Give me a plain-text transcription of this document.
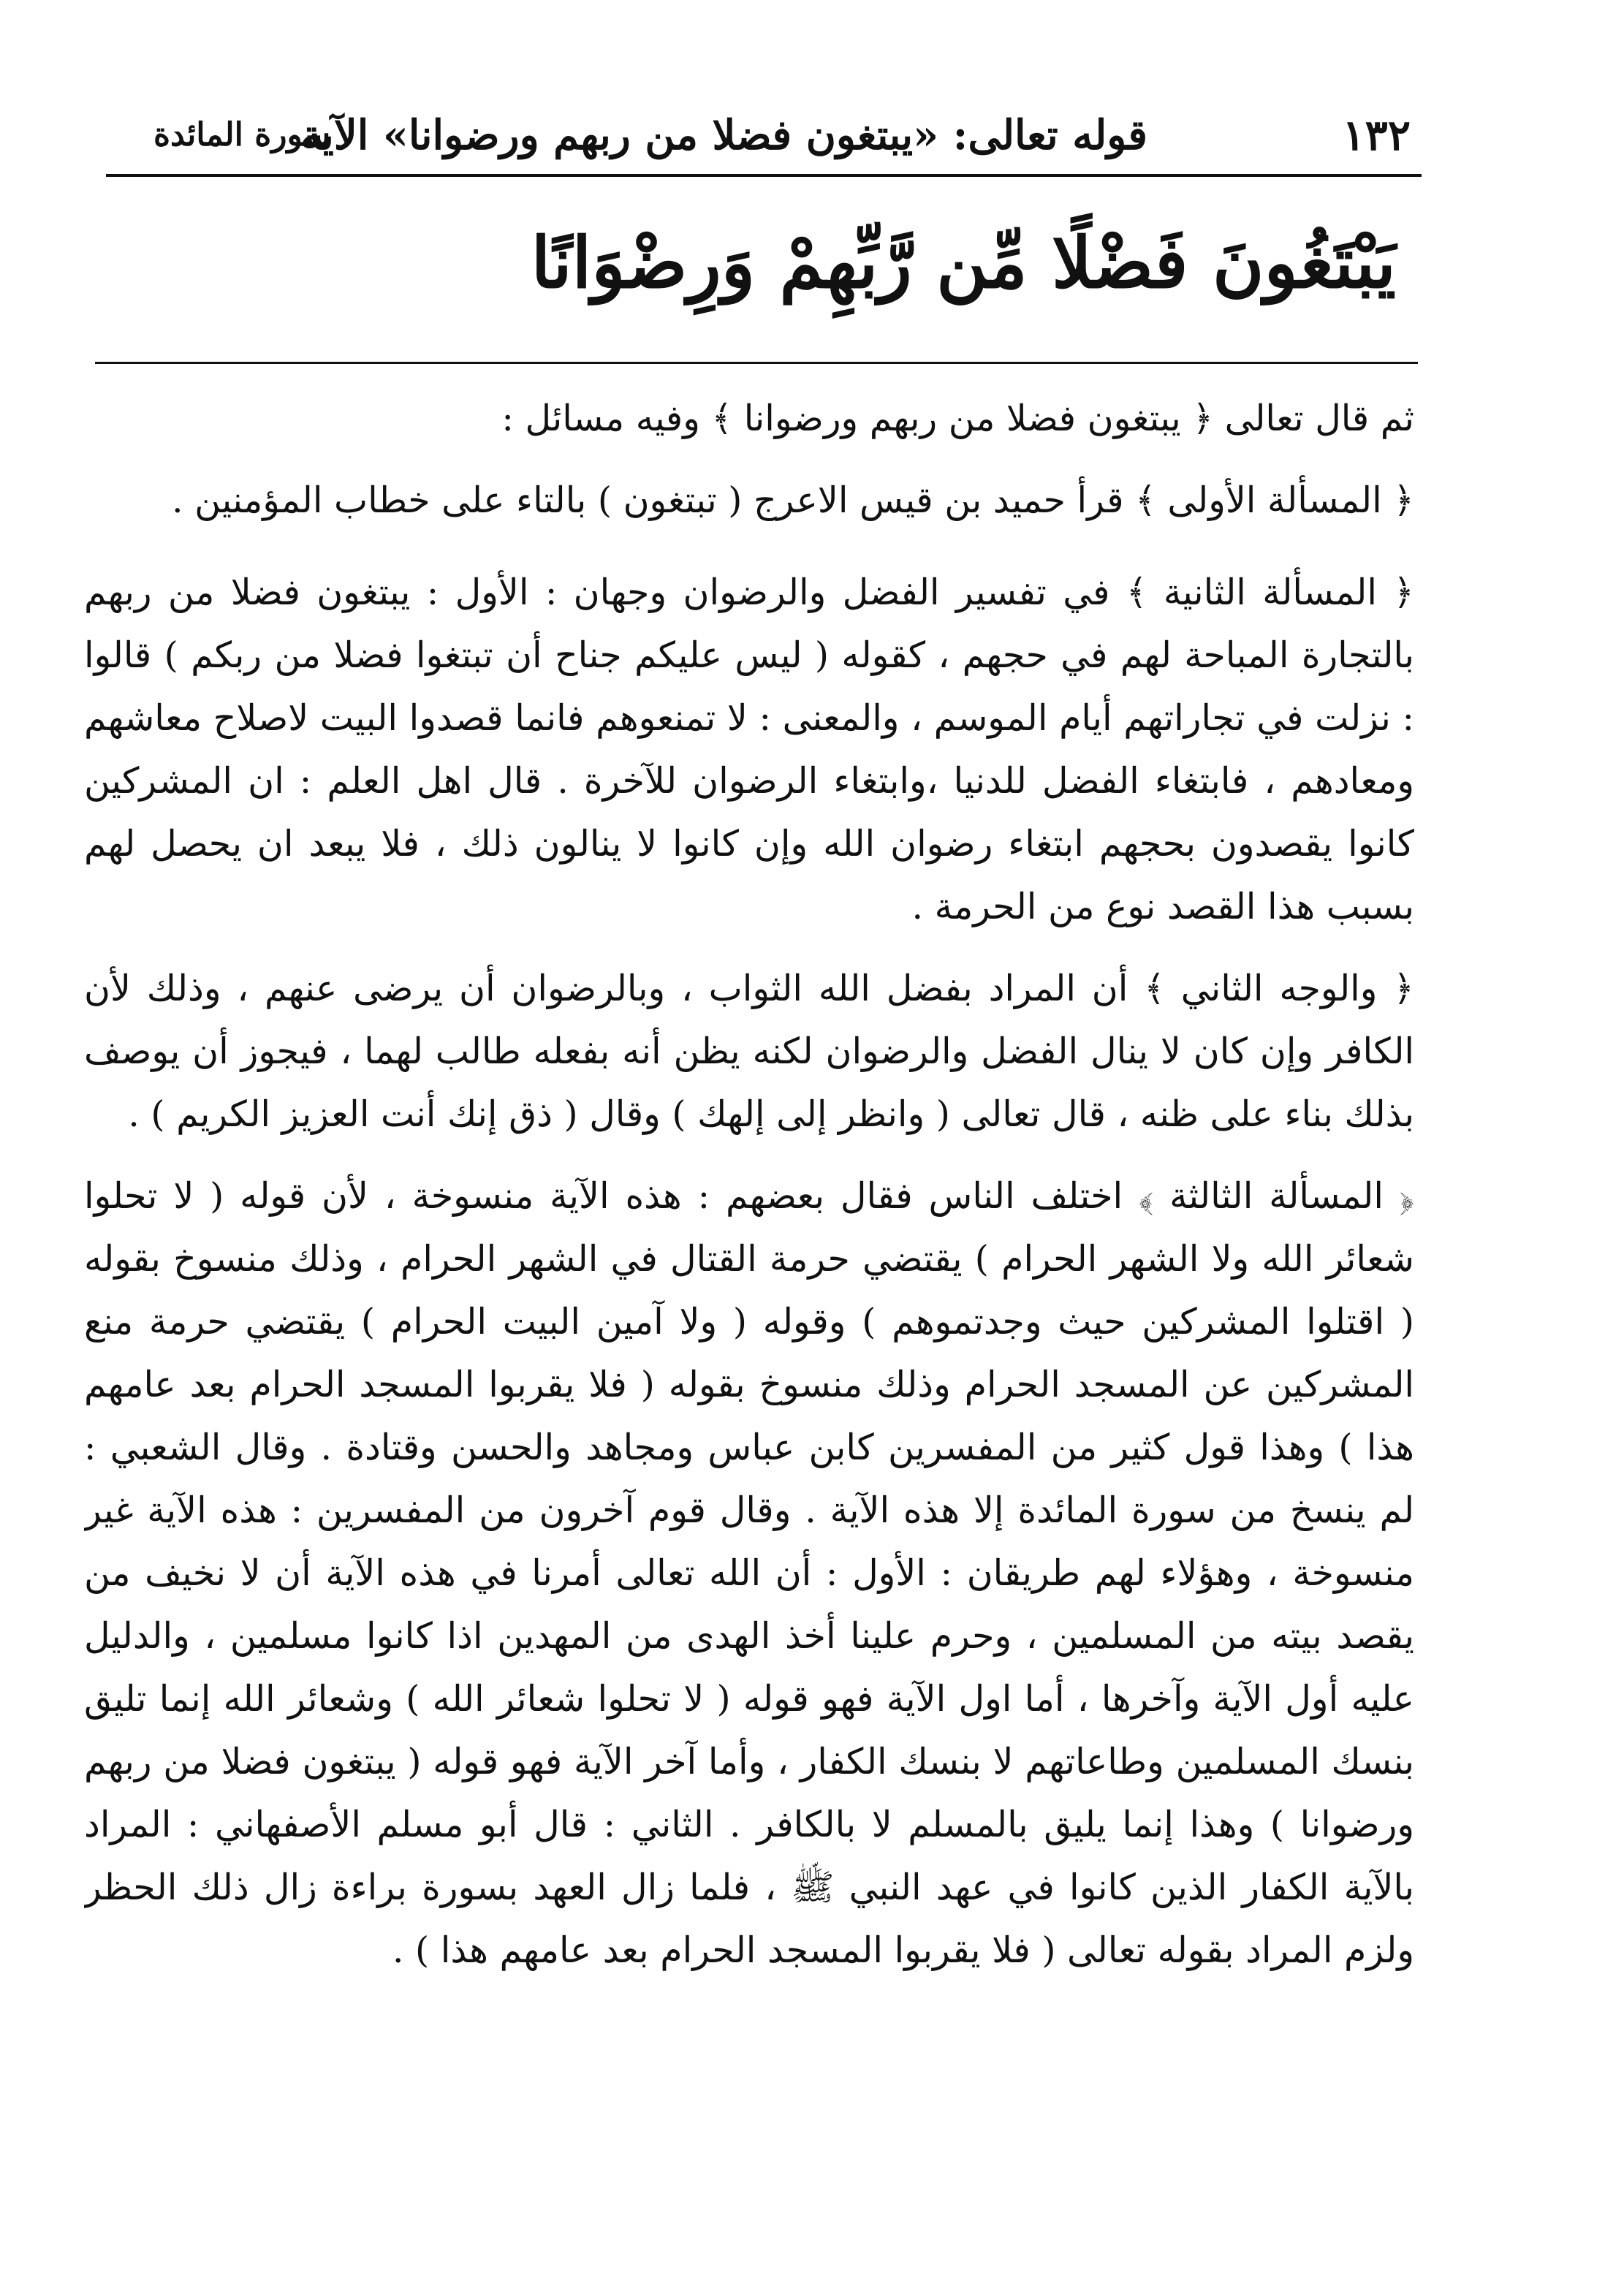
١٣٢
قوله تعالى: «يبتغون فضلا من ربهم ورضوانا» الآية
سورة المائدة
يَبْتَغُونَ فَضْلًا مِّن رَّبِّهِمْ وَرِضْوَانًا

ثم قال تعالى ﴿ يبتغون فضلا من ربهم ورضوانا ﴾ وفيه مسائل :

﴿ المسألة الأولى ﴾ قرأ حميد بن قيس الاعرج ( تبتغون ) بالتاء على خطاب المؤمنين .

﴿ المسألة الثانية ﴾ في تفسير الفضل والرضوان وجهان : الأول : يبتغون فضلا من ربهم بالتجارة المباحة لهم في حجهم ، كقوله ( ليس عليكم جناح أن تبتغوا فضلا من ربكم ) قالوا : نزلت في تجاراتهم أيام الموسم ، والمعنى : لا تمنعوهم فانما قصدوا البيت لاصلاح معاشهم ومعادهم ، فابتغاء الفضل للدنيا ،وابتغاء الرضوان للآخرة . قال اهل العلم : ان المشركين كانوا يقصدون بحجهم ابتغاء رضوان الله وإن كانوا لا ينالون ذلك ، فلا يبعد ان يحصل لهم بسبب هذا القصد نوع من الحرمة .

﴿ والوجه الثاني ﴾ أن المراد بفضل الله الثواب ، وبالرضوان أن يرضى عنهم ، وذلك لأن الكافر وإن كان لا ينال الفضل والرضوان لكنه يظن أنه بفعله طالب لهما ، فيجوز أن يوصف بذلك بناء على ظنه ، قال تعالى ( وانظر إلى إلهك ) وقال ( ذق إنك أنت العزيز الكريم ) .

﴿ المسألة الثالثة ﴾ اختلف الناس فقال بعضهم : هذه الآية منسوخة ، لأن قوله ( لا تحلوا شعائر الله ولا الشهر الحرام ) يقتضي حرمة القتال في الشهر الحرام ، وذلك منسوخ بقوله ( اقتلوا المشركين حيث وجدتموهم ) وقوله ( ولا آمين البيت الحرام ) يقتضي حرمة منع المشركين عن المسجد الحرام وذلك منسوخ بقوله ( فلا يقربوا المسجد الحرام بعد عامهم هذا ) وهذا قول كثير من المفسرين كابن عباس ومجاهد والحسن وقتادة . وقال الشعبي : لم ينسخ من سورة المائدة إلا هذه الآية . وقال قوم آخرون من المفسرين : هذه الآية غير منسوخة ، وهؤلاء لهم طريقان : الأول : أن الله تعالى أمرنا في هذه الآية أن لا نخيف من يقصد بيته من المسلمين ، وحرم علينا أخذ الهدى من المهدين اذا كانوا مسلمين ، والدليل عليه أول الآية وآخرها ، أما اول الآية فهو قوله ( لا تحلوا شعائر الله ) وشعائر الله إنما تليق بنسك المسلمين وطاعاتهم لا بنسك الكفار ، وأما آخر الآية فهو قوله ( يبتغون فضلا من ربهم ورضوانا ) وهذا إنما يليق بالمسلم لا بالكافر . الثاني : قال أبو مسلم الأصفهاني : المراد بالآية الكفار الذين كانوا في عهد النبي ﷺ ، فلما زال العهد بسورة براءة زال ذلك الحظر ولزم المراد بقوله تعالى ( فلا يقربوا المسجد الحرام بعد عامهم هذا ) .
